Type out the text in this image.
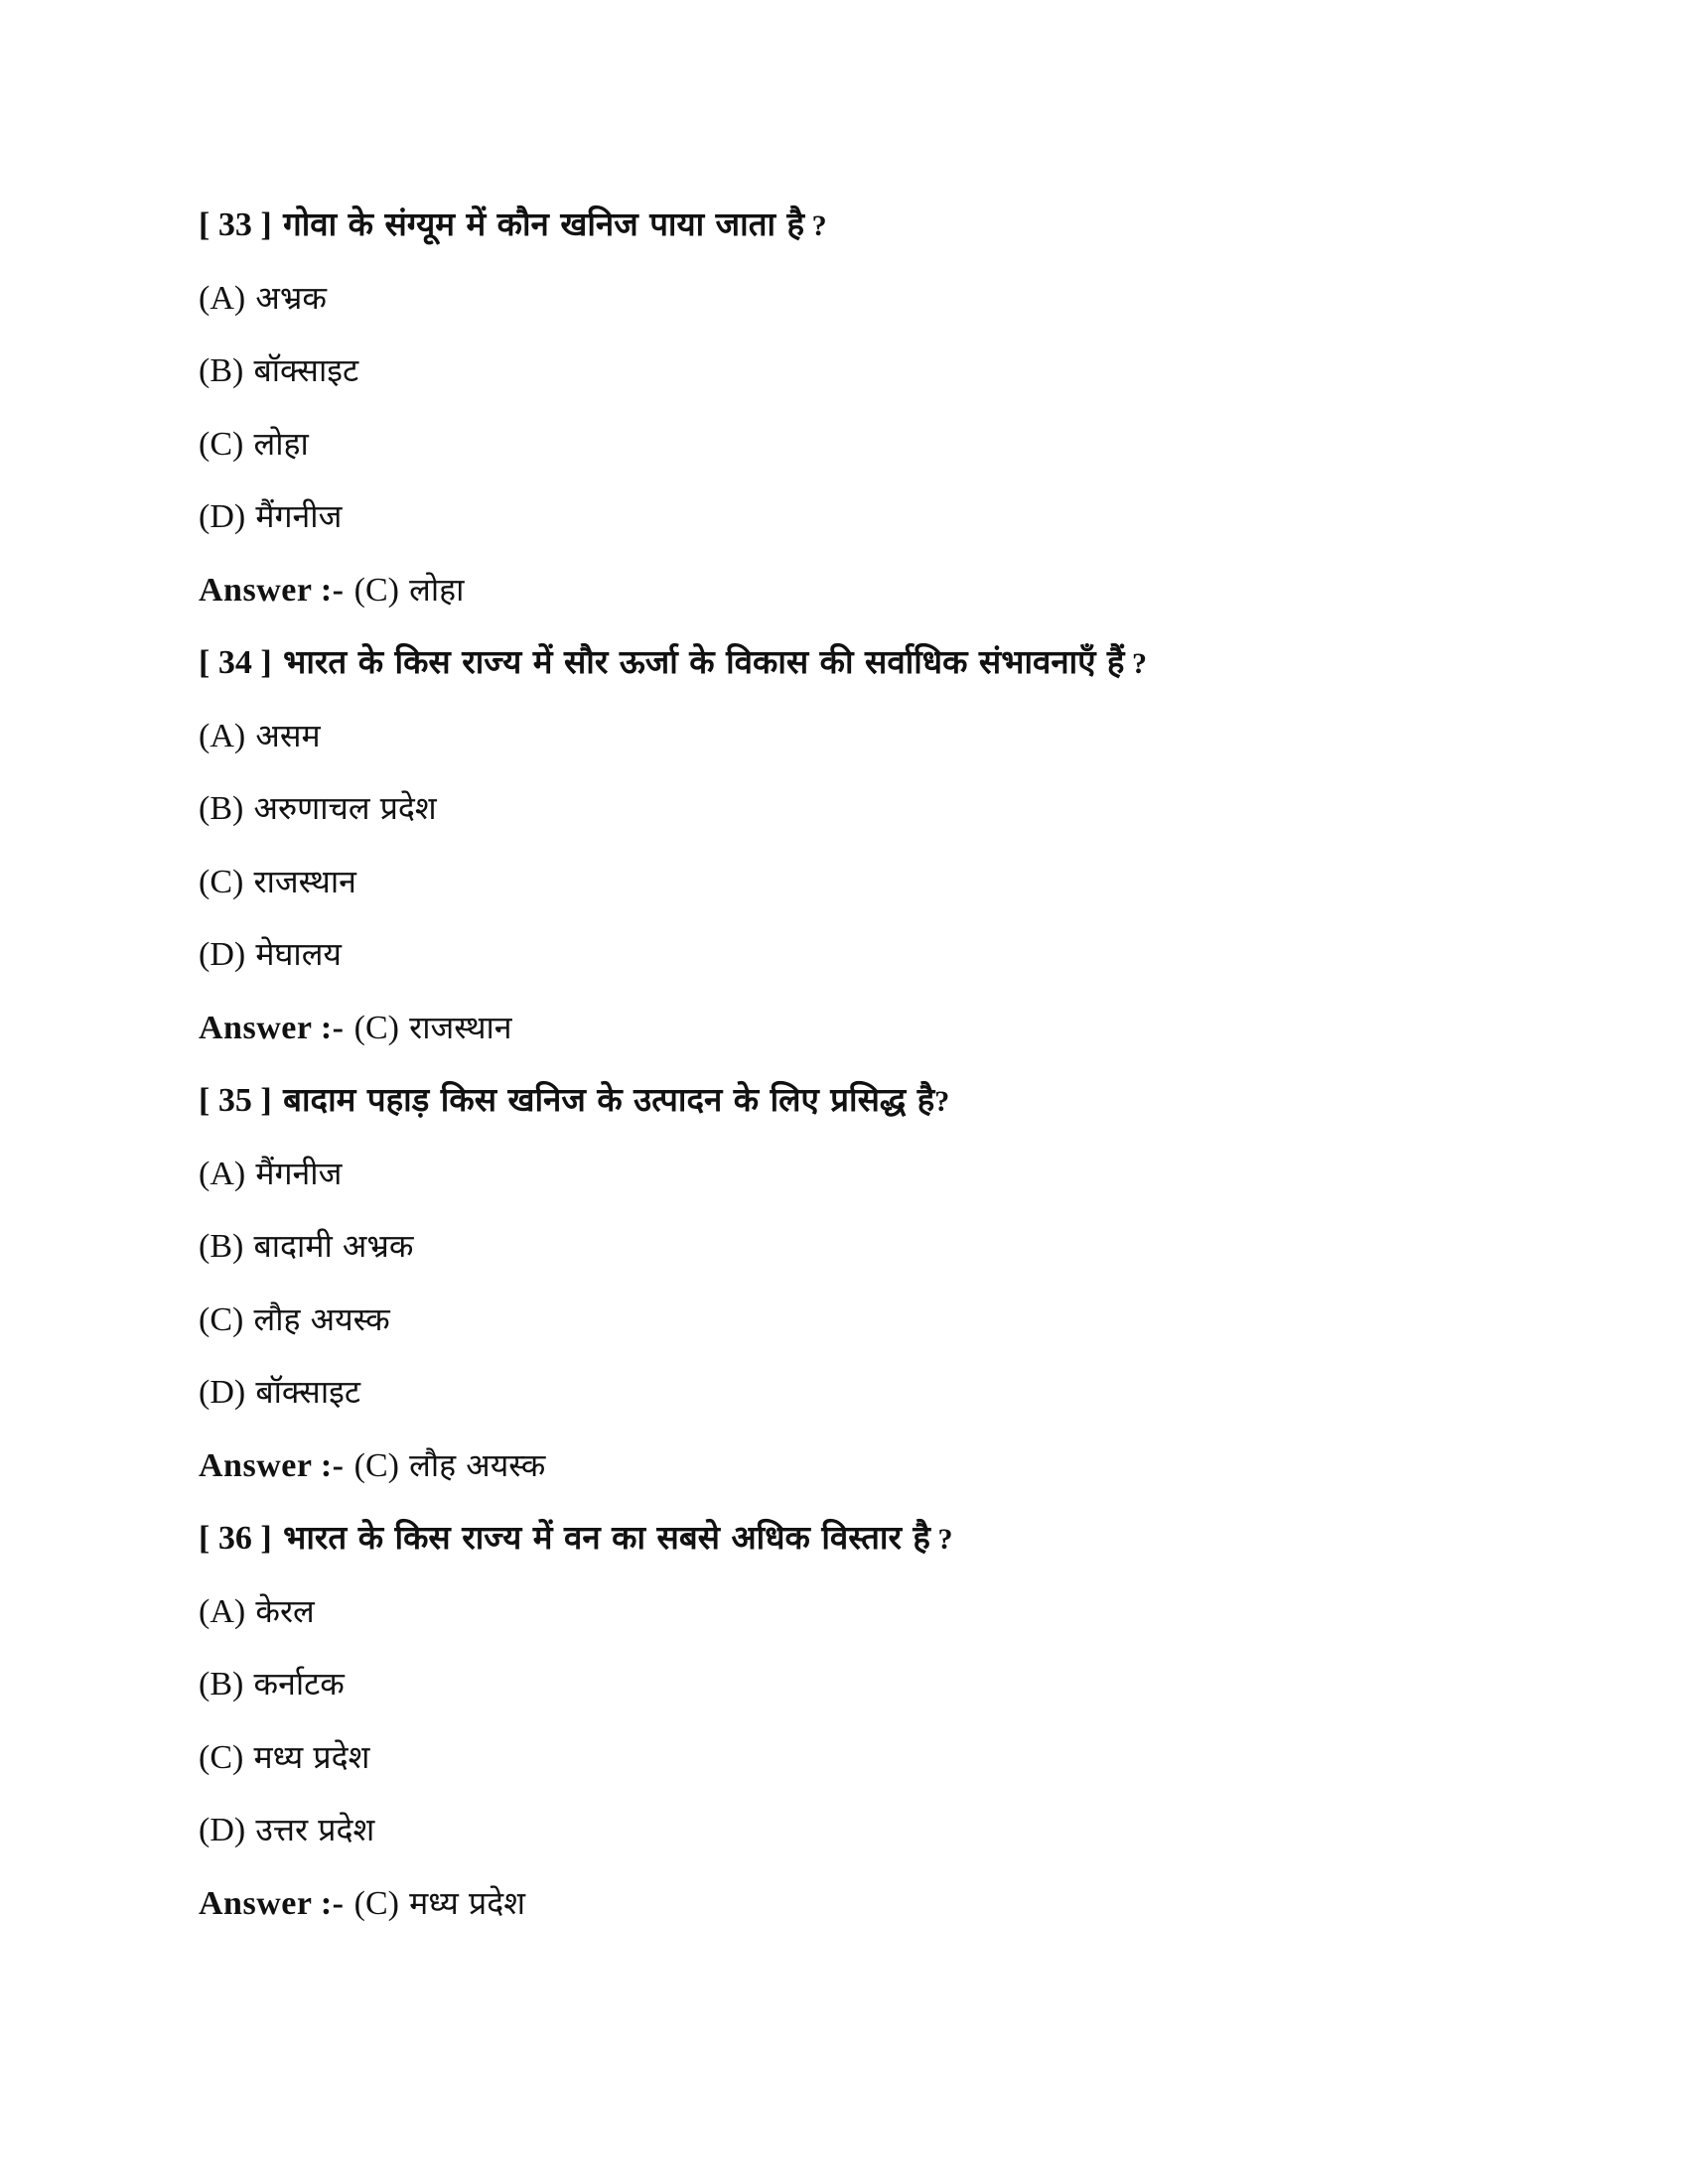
[ 33 ] गोवा के संग्यूम में कौन खनिज पाया जाता है ?
(A) अभ्रक
(B) बॉक्साइट
(C) लोहा
(D) मैंगनीज
Answer :- (C) लोहा
[ 34 ] भारत के किस राज्य में सौर ऊर्जा के विकास की सर्वाधिक संभावनाएँ हैं ?
(A) असम
(B) अरुणाचल प्रदेश
(C) राजस्थान
(D) मेघालय
Answer :- (C) राजस्थान
[ 35 ] बादाम पहाड़ किस खनिज के उत्पादन के लिए प्रसिद्ध है?
(A) मैंगनीज
(B) बादामी अभ्रक
(C) लौह अयस्क
(D) बॉक्साइट
Answer :- (C) लौह अयस्क
[ 36 ] भारत के किस राज्य में वन का सबसे अधिक विस्तार है ?
(A) केरल
(B) कर्नाटक
(C) मध्य प्रदेश
(D) उत्तर प्रदेश
Answer :- (C) मध्य प्रदेश
